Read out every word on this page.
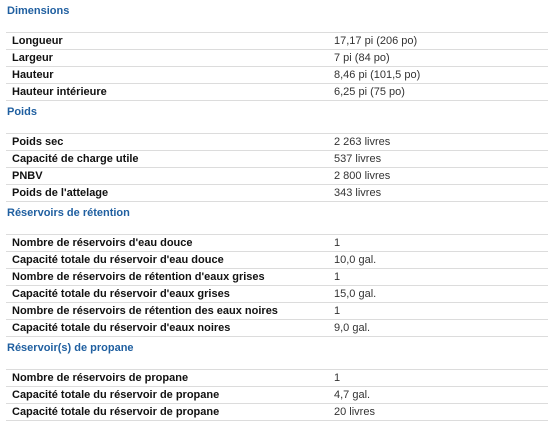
Dimensions
Longueur	17,17 pi (206 po)
Largeur	7 pi (84 po)
Hauteur	8,46 pi (101,5 po)
Hauteur intérieure	6,25 pi (75 po)
Poids
Poids sec	2 263 livres
Capacité de charge utile	537 livres
PNBV	2 800 livres
Poids de l'attelage	343 livres
Réservoirs de rétention
Nombre de réservoirs d'eau douce	1
Capacité totale du réservoir d'eau douce	10,0 gal.
Nombre de réservoirs de rétention d'eaux grises	1
Capacité totale du réservoir d'eaux grises	15,0 gal.
Nombre de réservoirs de rétention des eaux noires	1
Capacité totale du réservoir d'eaux noires	9,0 gal.
Réservoir(s) de propane
Nombre de réservoirs de propane	1
Capacité totale du réservoir de propane	4,7 gal.
Capacité totale du réservoir de propane	20 livres
